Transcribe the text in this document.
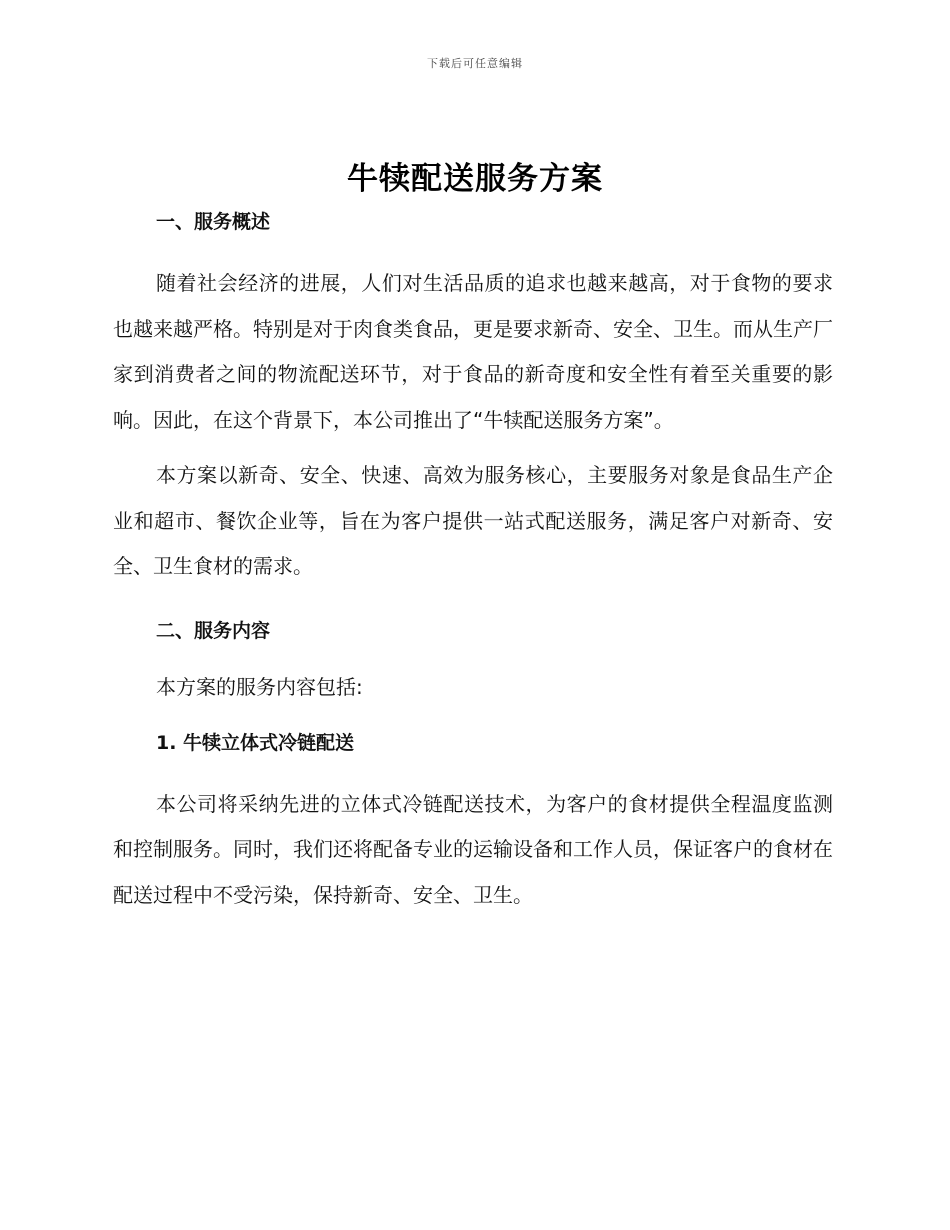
下载后可任意编辑
牛犊配送服务方案
一、服务概述

随着社会经济的进展，人们对生活品质的追求也越来越高，对于食物的要求也越来越严格。特别是对于肉食类食品，更是要求新奇、安全、卫生。而从生产厂家到消费者之间的物流配送环节，对于食品的新奇度和安全性有着至关重要的影响。因此，在这个背景下，本公司推出了“牛犊配送服务方案”。

本方案以新奇、安全、快速、高效为服务核心，主要服务对象是食品生产企业和超市、餐饮企业等，旨在为客户提供一站式配送服务，满足客户对新奇、安全、卫生食材的需求。

二、服务内容
本方案的服务内容包括:
1. 牛犊立体式冷链配送

本公司将采纳先进的立体式冷链配送技术，为客户的食材提供全程温度监测和控制服务。同时，我们还将配备专业的运输设备和工作人员，保证客户的食材在配送过程中不受污染，保持新奇、安全、卫生。
